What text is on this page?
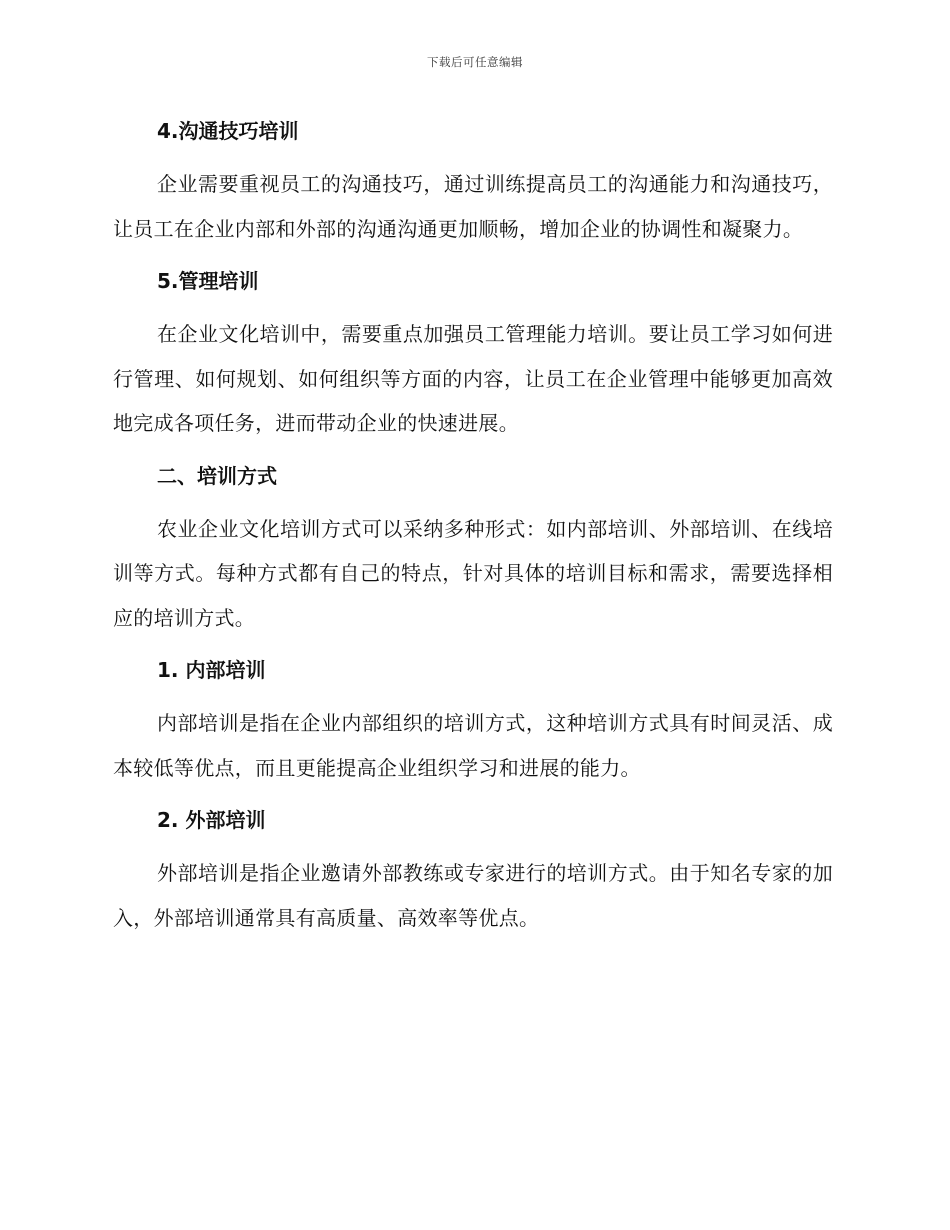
下载后可任意编辑
4.沟通技巧培训

企业需要重视员工的沟通技巧，通过训练提高员工的沟通能力和沟通技巧，让员工在企业内部和外部的沟通沟通更加顺畅，增加企业的协调性和凝聚力。

5.管理培训

在企业文化培训中，需要重点加强员工管理能力培训。要让员工学习如何进行管理、如何规划、如何组织等方面的内容，让员工在企业管理中能够更加高效地完成各项任务，进而带动企业的快速进展。

二、培训方式

农业企业文化培训方式可以采纳多种形式：如内部培训、外部培训、在线培训等方式。每种方式都有自己的特点，针对具体的培训目标和需求，需要选择相应的培训方式。

1. 内部培训

内部培训是指在企业内部组织的培训方式，这种培训方式具有时间灵活、成本较低等优点，而且更能提高企业组织学习和进展的能力。

2. 外部培训

外部培训是指企业邀请外部教练或专家进行的培训方式。由于知名专家的加入，外部培训通常具有高质量、高效率等优点。
